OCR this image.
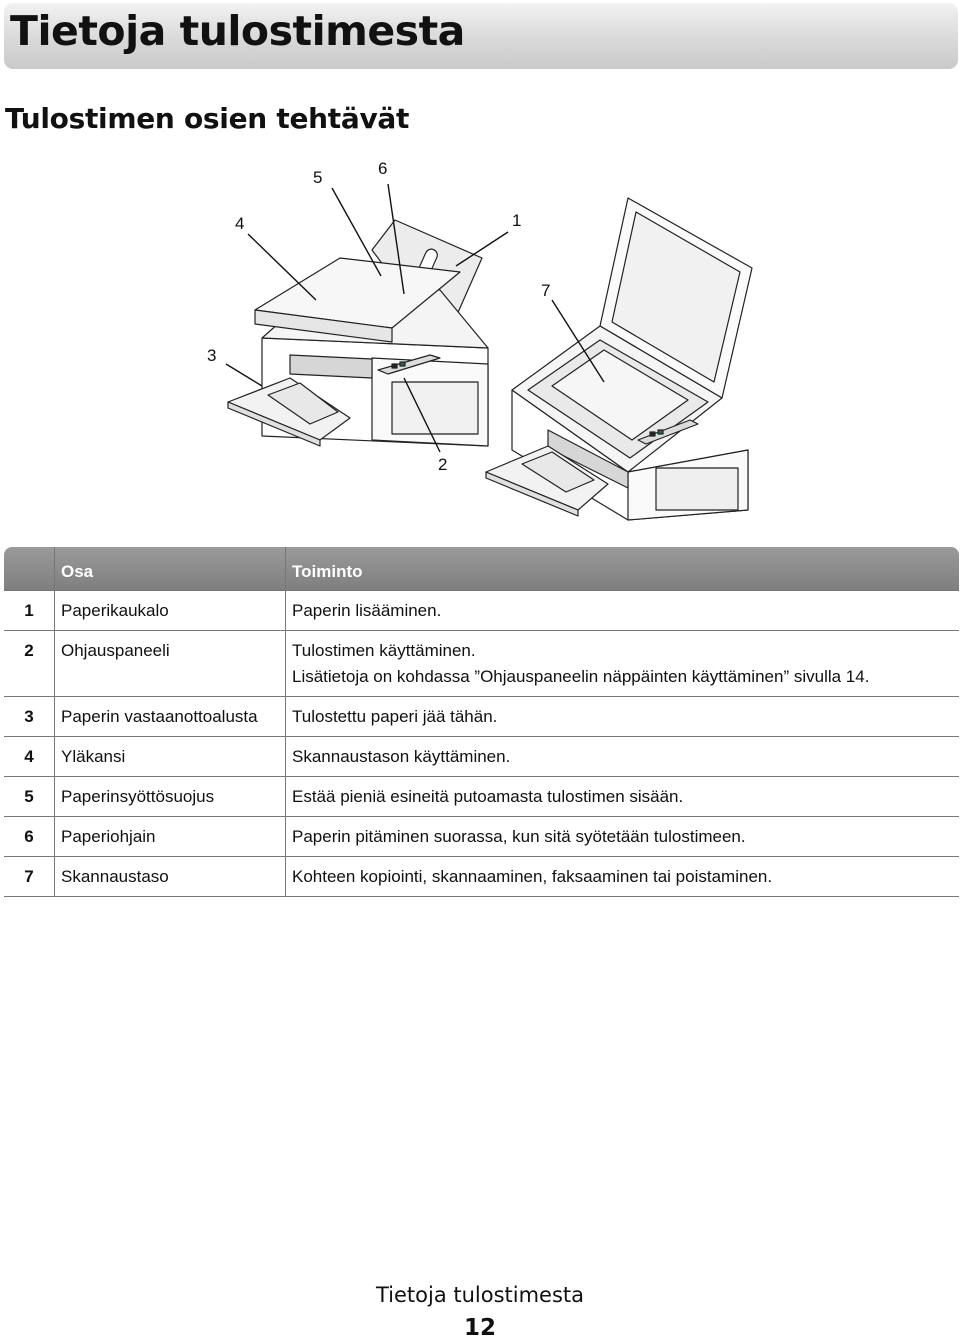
Tietoja tulostimesta
Tulostimen osien tehtävät
1
2
3
4
5	6
7
	Osa	Toiminto
1	Paperikaukalo	Paperin lisääminen.
2	Ohjauspaneeli	Tulostimen käyttäminen.
Lisätietoja on kohdassa ”Ohjauspaneelin näppäinten käyttäminen” sivulla 14.

3	Paperin vastaanottoalusta	Tulostettu paperi jää tähän.
4	Yläkansi	Skannaustason käyttäminen.
5	Paperinsyöttösuojus	Estää pieniä esineitä putoamasta tulostimen sisään.
6	Paperiohjain	Paperin pitäminen suorassa, kun sitä syötetään tulostimeen.
7	Skannaustaso	Kohteen kopiointi, skannaaminen, faksaaminen tai poistaminen.
Tietoja tulostimesta
12
